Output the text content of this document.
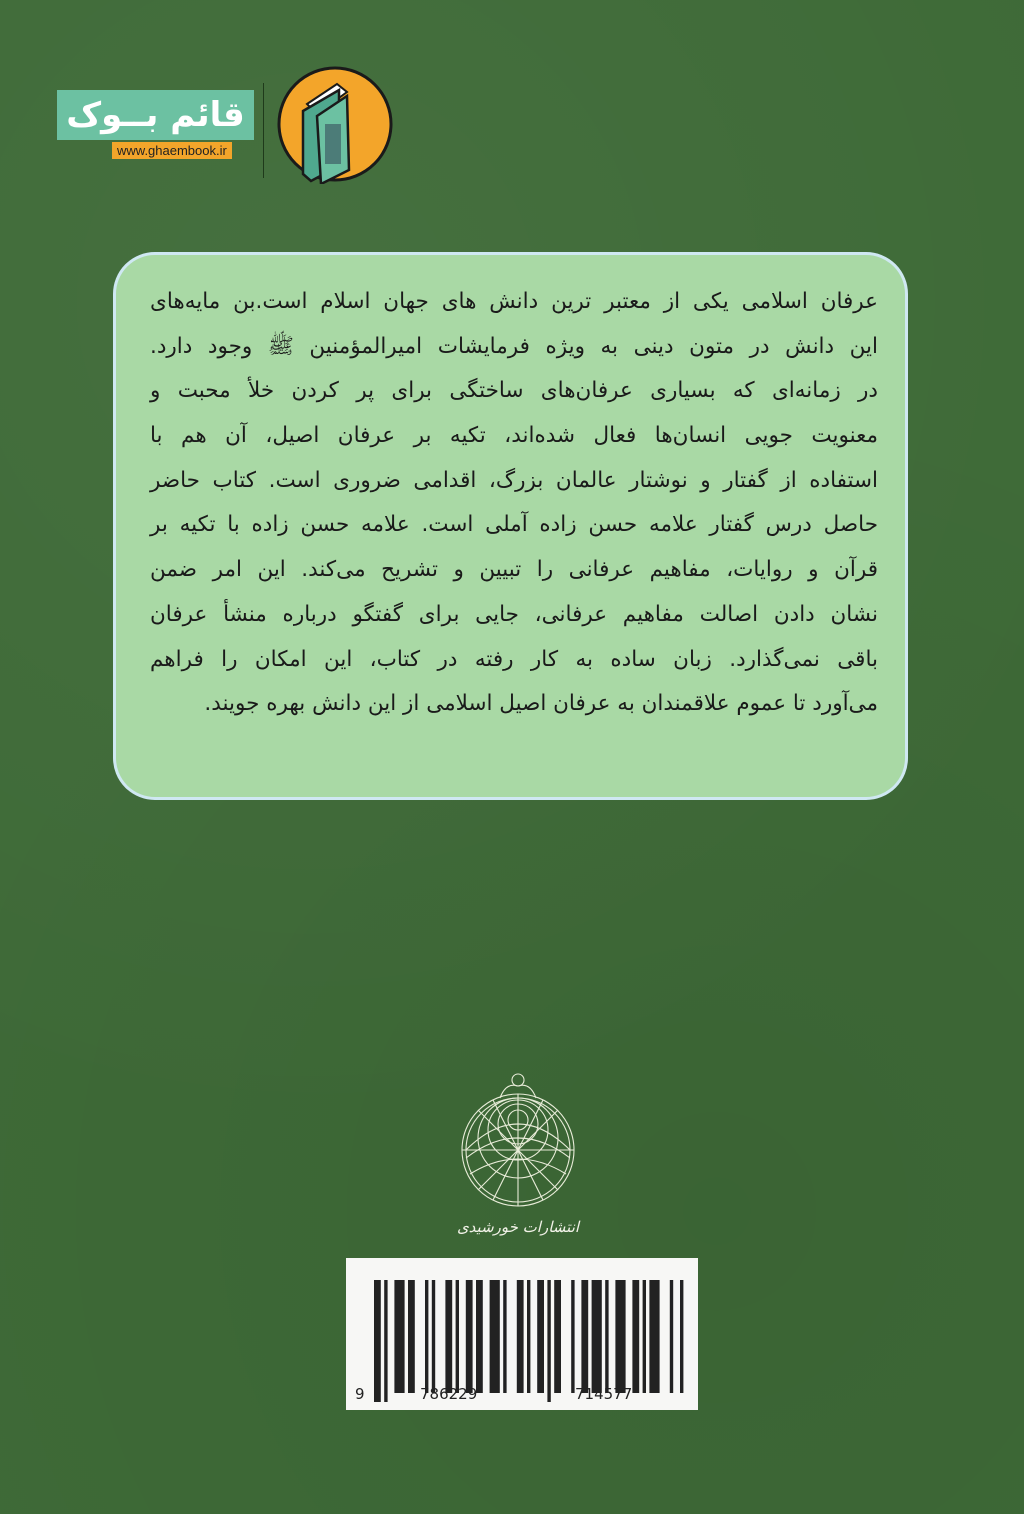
قائم بــوک
www.ghaembook.ir
عرفان اسلامی یکی از معتبر ترین دانش های جهان اسلام است.بن مایه‌های
این دانش در متون دینی به ویژه فرمایشات امیرالمؤمنین ﷺ وجود دارد.
در زمانه‌ای که بسیاری عرفان‌های ساختگی برای پر کردن خلأ محبت و
معنویت جویی انسان‌ها فعال شده‌اند، تکیه بر عرفان اصیل، آن هم با
استفاده از گفتار و نوشتار عالمان بزرگ، اقدامی ضروری است. کتاب حاضر
حاصل درس گفتار علامه حسن زاده آملی است. علامه حسن زاده با تکیه بر
قرآن و روایات، مفاهیم عرفانی را تبیین و تشریح می‌کند. این امر ضمن
نشان دادن اصالت مفاهیم عرفانی، جایی برای گفتگو درباره منشأ عرفان
باقی نمی‌گذارد. زبان ساده به کار رفته در کتاب، این امکان را فراهم
می‌آورد تا عموم علاقمندان به عرفان اصیل اسلامی از این دانش بهره جویند.
انتشارات خورشیدی
9	786229	714577
